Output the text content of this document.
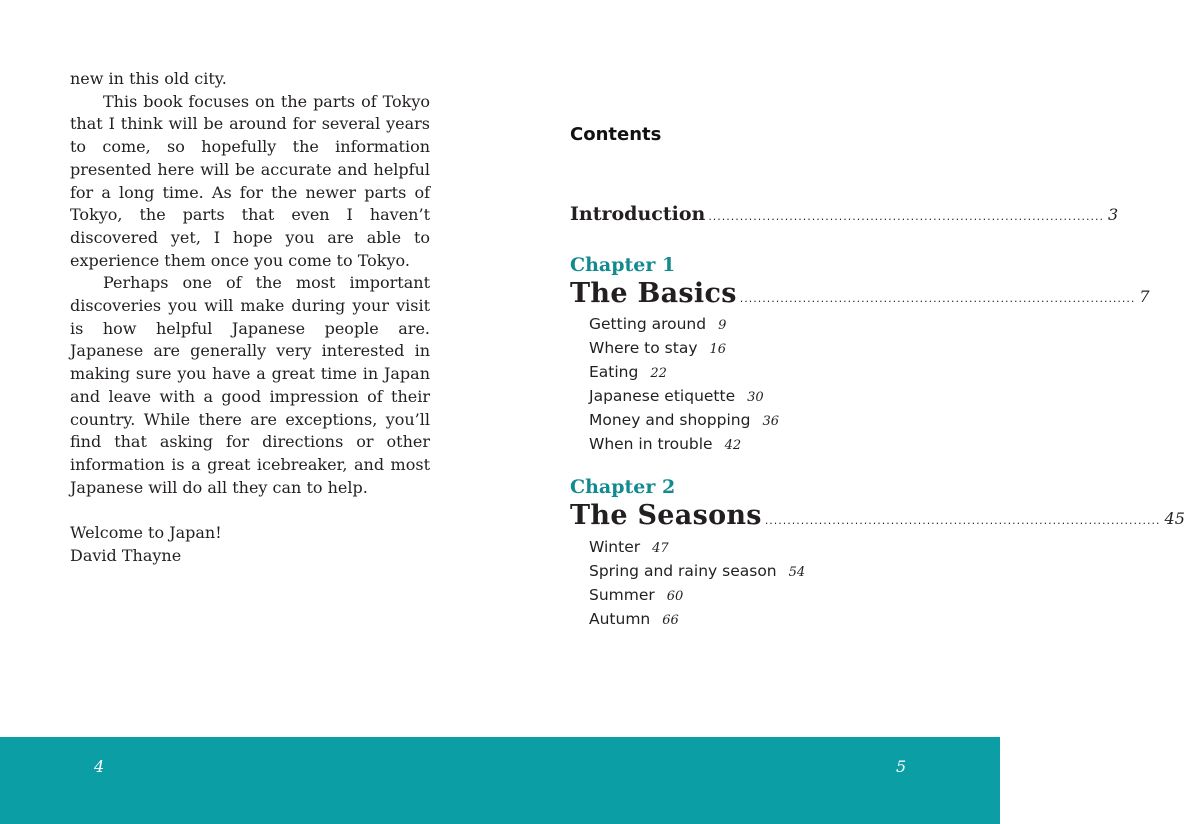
new in this old city.

This book focuses on the parts of Tokyo that I think will be around for several years to come, so hopefully the information presented here will be accurate and helpful for a long time. As for the newer parts of Tokyo, the parts that even I haven’t discovered yet, I hope you are able to experience them once you come to Tokyo.

Perhaps one of the most important discoveries you will make during your visit is how helpful Japanese people are. Japanese are generally very interested in making sure you have a great time in Japan and leave with a good impression of their country. While there are exceptions, you’ll find that asking for directions or other information is a great icebreaker, and most Japanese will do all they can to help.

Welcome to Japan!

David Thayne

Contents
Introduction ........................................................................................ 3
Chapter 1
The Basics ........................................................................................ 7
Getting around 9
Where to stay 16
Eating 22
Japanese etiquette 30
Money and shopping 36
When in trouble 42
Chapter 2
The Seasons ........................................................................................ 45
Winter 47
Spring and rainy season 54
Summer 60
Autumn 66
4	5
